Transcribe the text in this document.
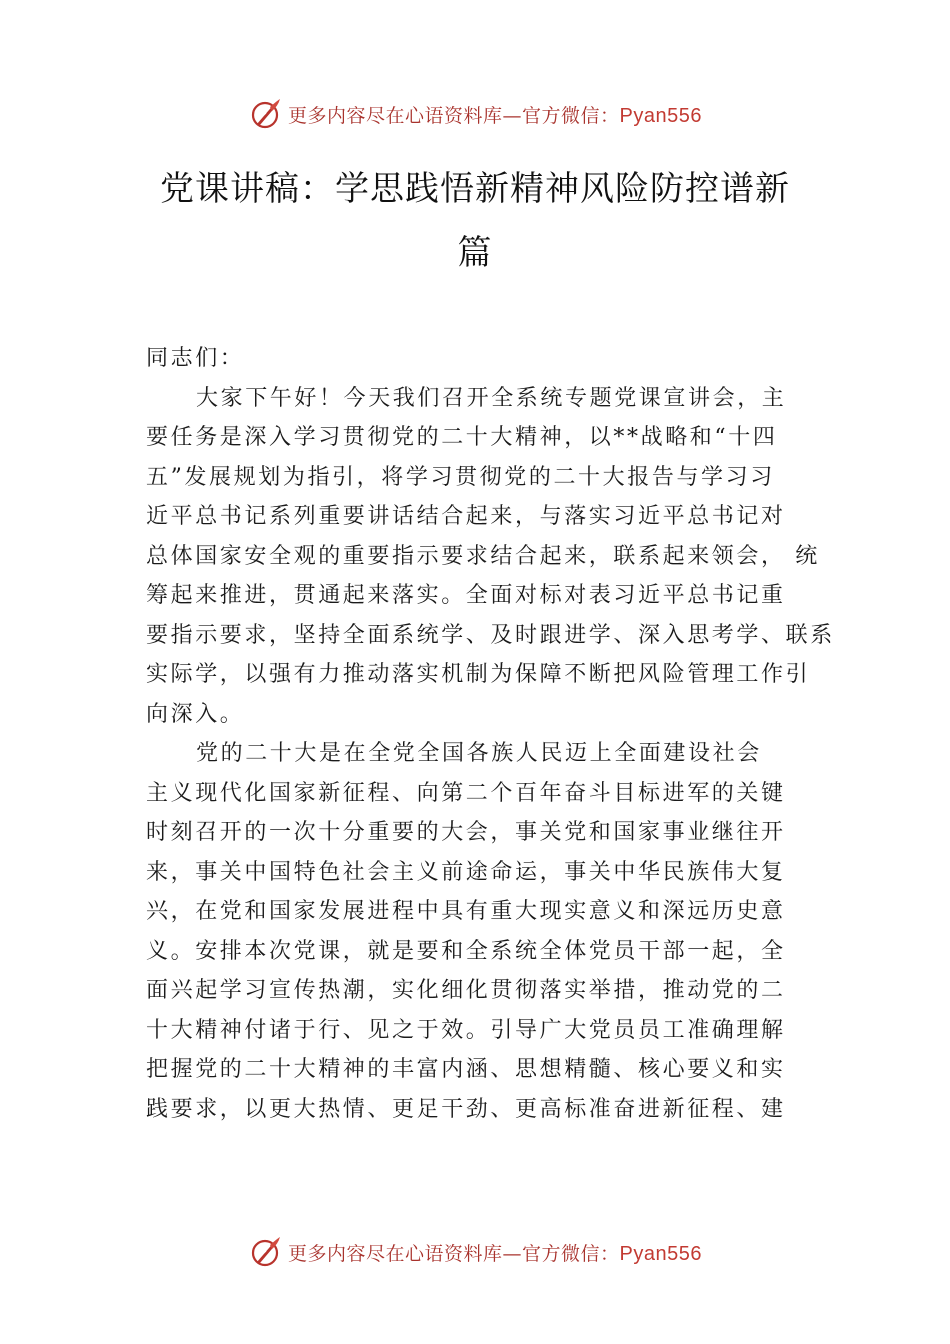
更多内容尽在心语资料库—官方微信：Pyan556
党课讲稿：学思践悟新精神风险防控谱新
篇
同志们：
大家下午好！今天我们召开全系统专题党课宣讲会，主
要任务是深入学习贯彻党的二十大精神，以**战略和“十四
五”发展规划为指引，将学习贯彻党的二十大报告与学习习
近平总书记系列重要讲话结合起来，与落实习近平总书记对
总体国家安全观的重要指示要求结合起来，联系起来领会， 统
筹起来推进，贯通起来落实。全面对标对表习近平总书记重
要指示要求，坚持全面系统学、及时跟进学、深入思考学、联系
实际学，以强有力推动落实机制为保障不断把风险管理工作引
向深入。
党的二十大是在全党全国各族人民迈上全面建设社会
主义现代化国家新征程、向第二个百年奋斗目标进军的关键
时刻召开的一次十分重要的大会，事关党和国家事业继往开
来，事关中国特色社会主义前途命运，事关中华民族伟大复
兴，在党和国家发展进程中具有重大现实意义和深远历史意
义。安排本次党课，就是要和全系统全体党员干部一起，全
面兴起学习宣传热潮，实化细化贯彻落实举措，推动党的二
十大精神付诸于行、见之于效。引导广大党员员工准确理解
把握党的二十大精神的丰富内涵、思想精髓、核心要义和实
践要求，以更大热情、更足干劲、更高标准奋进新征程、建
更多内容尽在心语资料库—官方微信：Pyan556
